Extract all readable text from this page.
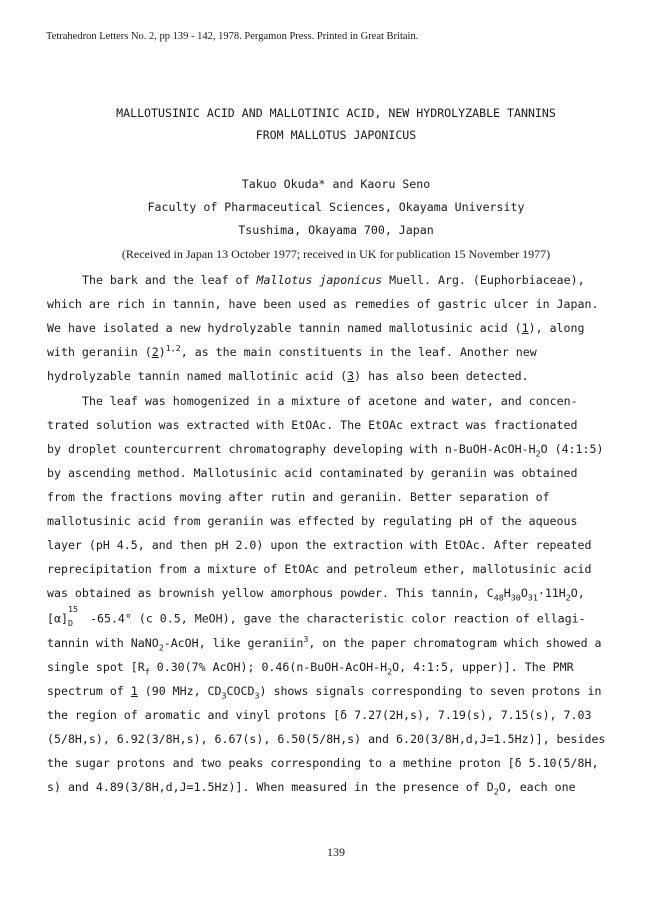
Tetrahedron Letters No. 2, pp 139 - 142, 1978. Pergamon Press. Printed in Great Britain.
MALLOTUSINIC ACID AND MALLOTINIC ACID, NEW HYDROLYZABLE TANNINS
FROM MALLOTUS JAPONICUS
Takuo Okuda* and Kaoru Seno
Faculty of Pharmaceutical Sciences, Okayama University
Tsushima, Okayama 700, Japan
(Received in Japan 13 October 1977; received in UK for publication 15 November 1977)
The bark and the leaf of Mallotus japonicus Muell. Arg. (Euphorbiaceae),
which are rich in tannin, have been used as remedies of gastric ulcer in Japan.
We have isolated a new hydrolyzable tannin named mallotusinic acid (1), along
with geraniin $(2)^{1,2}$, as the main constituents in the leaf. Another new
hydrolyzable tannin named mallotinic acid (3) has also been detected.
The leaf was homogenized in a mixture of acetone and water, and concen-
trated solution was extracted with EtOAc. The EtOAc extract was fractionated
by droplet countercurrent chromatography developing with $n-BuOH-AcOH-H_2O$ (4:1:5)
by ascending method. Mallotusinic acid contaminated by geraniin was obtained
from the fractions moving after rutin and geraniin. Better separation of
mallotusinic acid from geraniin was effected by regulating pH of the aqueous
layer (pH 4.5, and then pH 2.0) upon the extraction with EtOAc. After repeated
reprecipitation from a mixture of EtOAc and petroleum ether, mallotusinic acid
was obtained as brownish yellow amorphous powder. This tannin, $C_{48}H_{30}O_{31}\cdot 11H_2O$,
[α]
15
D -65.4° (c 0.5, MeOH), gave the characteristic color reaction of ellagi-
tannin with NaNO$_2$-AcOH, like geraniin$^3$, on the paper chromatogram which showed a
single spot [$R_f$ 0.30(7% AcOH); $0.46(n-BuOH-AcOH-H_2O$, 4:1:5, upper)]. The PMR
spectrum of 1 (90 MHz, $CD_3COCD_3$) shows signals corresponding to seven protons in
the region of aromatic and vinyl protons [δ 7.27(2H,s), 7.19(s), 7.15(s), 7.03
(5/8H,s), 6.92(3/8H,s), 6.67(s), 6.50(5/8H,s) and 6.20(3/8H,d,J=1.5Hz)], besides
the sugar protons and two peaks corresponding to a methine proton [δ 5.10(5/8H,
s) and 4.89(3/8H,d,J=1.5Hz)]. When measured in the presence of $D_2O$, each one
139
